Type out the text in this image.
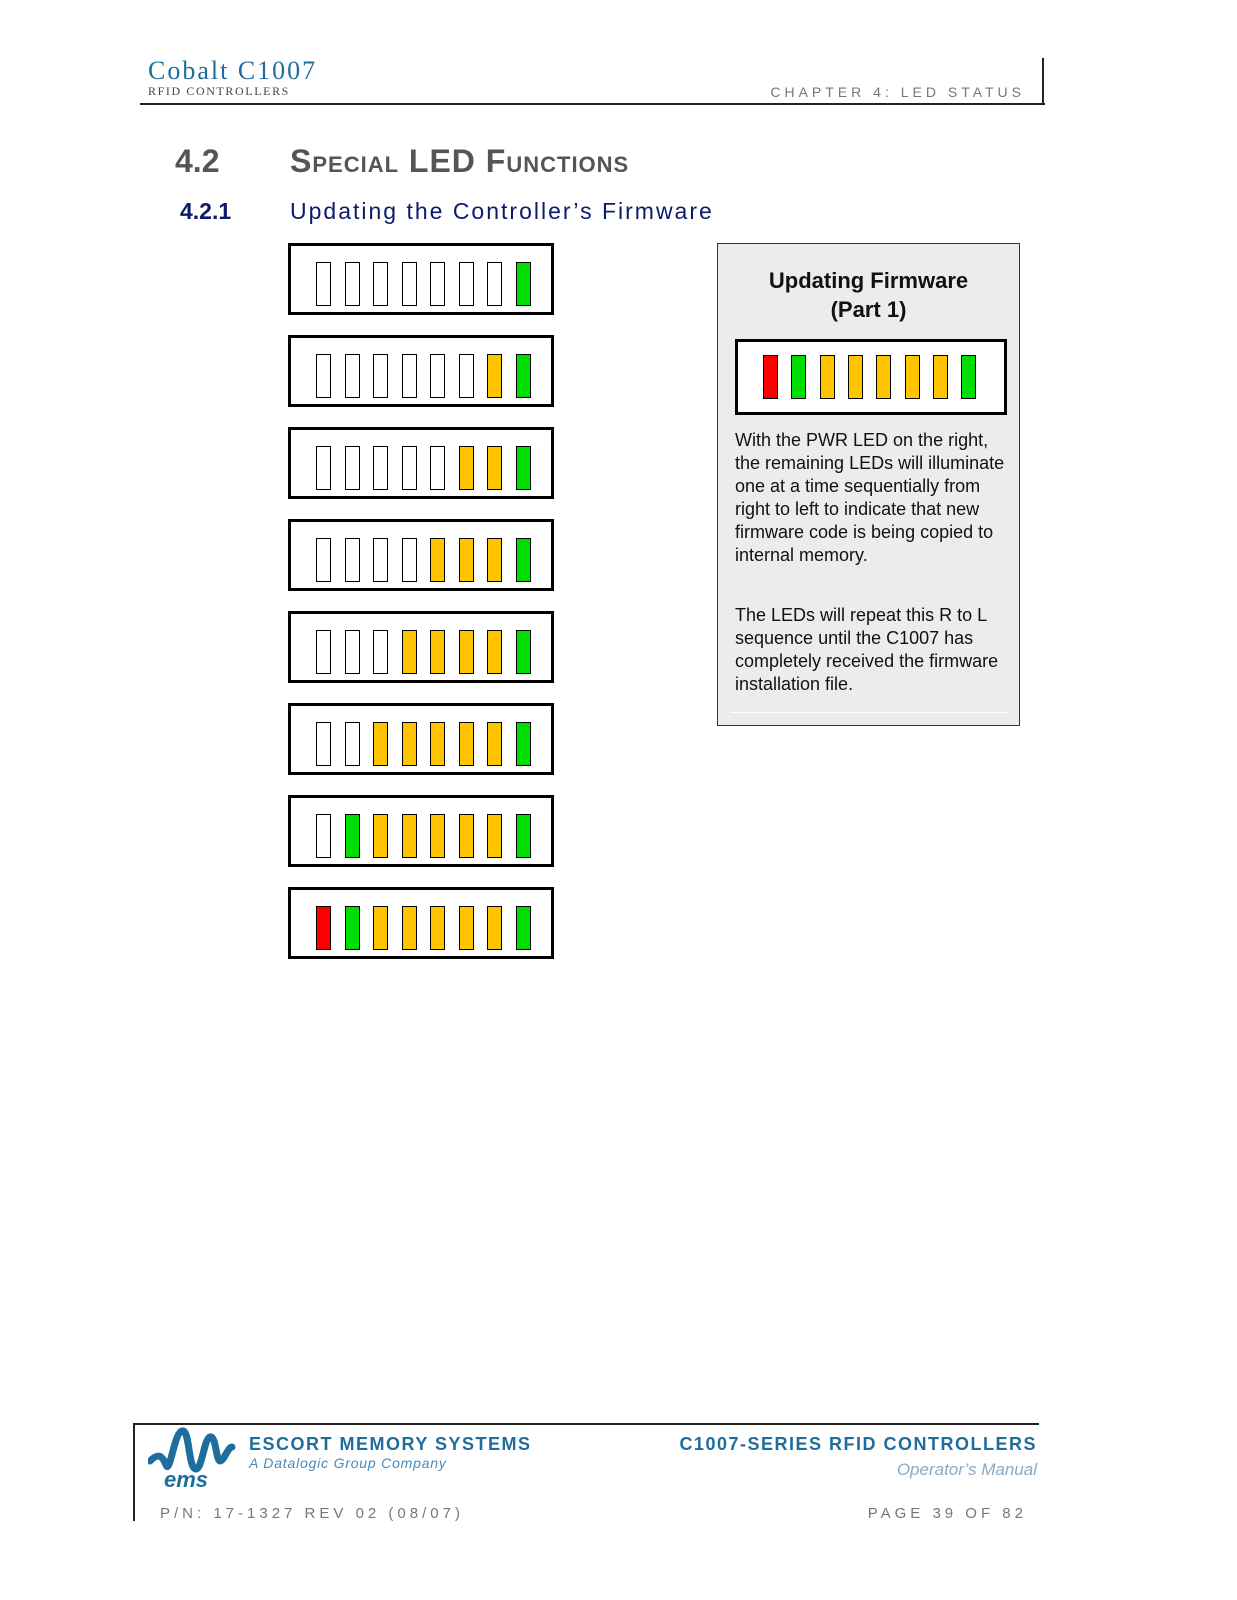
Cobalt C1007
RFID CONTROLLERS	CHAPTER 4: LED STATUS
4.2 Special LED Functions
4.2.1	Updating the Controller’s Firmware
Updating Firmware
(Part 1)
With the PWR LED on the right, the remaining LEDs will illuminate one at a time sequentially from right to left to indicate that new firmware code is being copied to internal memory.
The LEDs will repeat this R to L sequence until the C1007 has completely received the firmware installation file.
ems
ESCORT MEMORY SYSTEMS
A Datalogic Group Company
C1007-SERIES RFID CONTROLLERS
Operator’s Manual
P/N: 17-1327 REV 02 (08/07)	PAGE 39 OF 82
